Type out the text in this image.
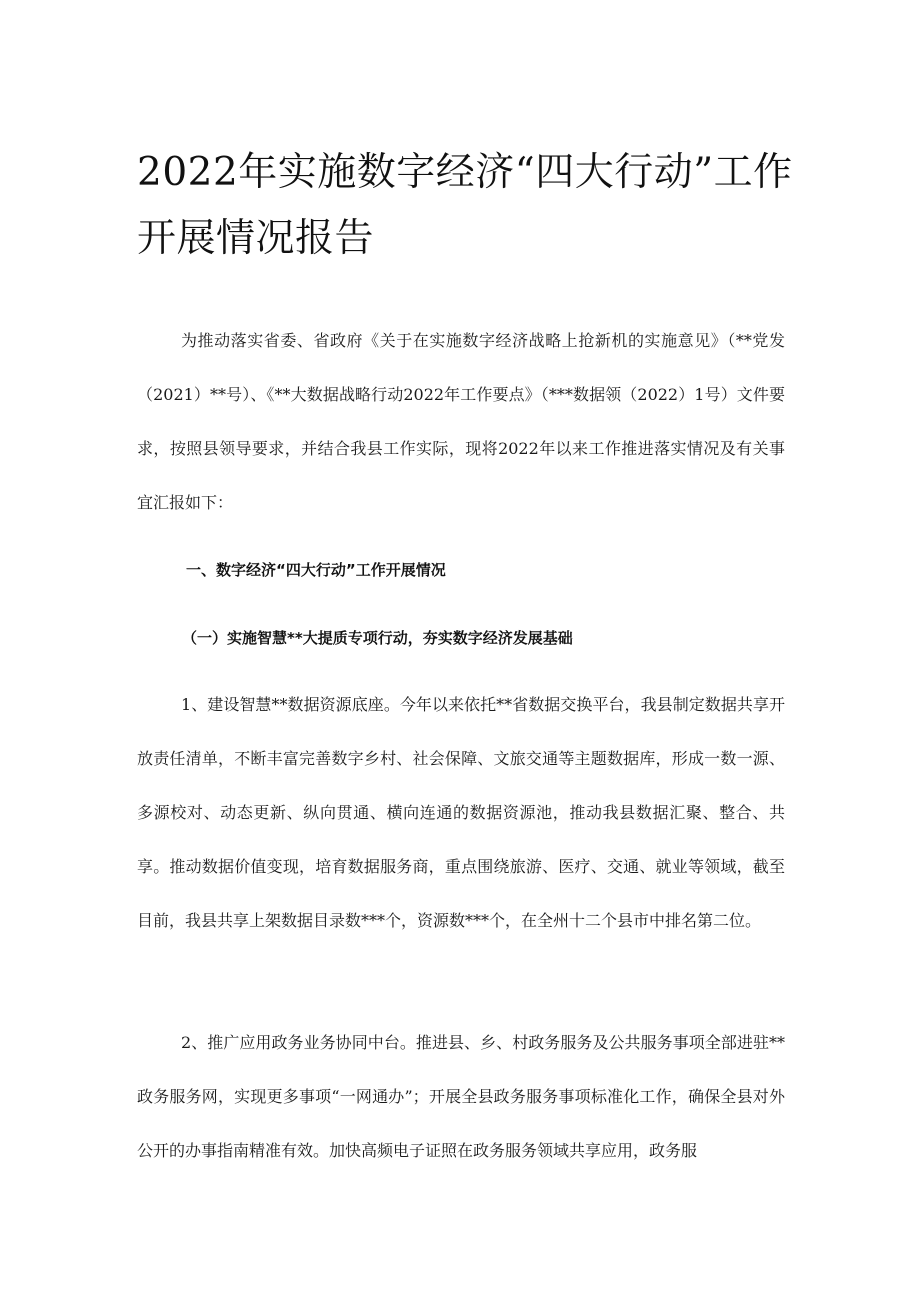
2022年实施数字经济“四大行动”工作
开展情况报告

为推动落实省委、省政府《关于在实施数字经济战略上抢新机的实施意见》（**党发（2021）**号）、《**大数据战略行动2022年工作要点》（***数据领（2022）1号）文件要求，按照县领导要求，并结合我县工作实际，现将2022年以来工作推进落实情况及有关事宜汇报如下：

一、数字经济“四大行动”工作开展情况
（一）实施智慧**大提质专项行动，夯实数字经济发展基础

1、建设智慧**数据资源底座。今年以来依托**省数据交换平台，我县制定数据共享开放责任清单，不断丰富完善数字乡村、社会保障、文旅交通等主题数据库，形成一数一源、多源校对、动态更新、纵向贯通、横向连通的数据资源池，推动我县数据汇聚、整合、共享。推动数据价值变现，培育数据服务商，重点围绕旅游、医疗、交通、就业等领域，截至目前，我县共享上架数据目录数***个，资源数***个，在全州十二个县市中排名第二位。

2、推广应用政务业务协同中台。推进县、乡、村政务服务及公共服务事项全部进驻**政务服务网，实现更多事项“一网通办”；开展全县政务服务事项标准化工作，确保全县对外公开的办事指南精准有效。加快高频电子证照在政务服务领域共享应用，政务服
